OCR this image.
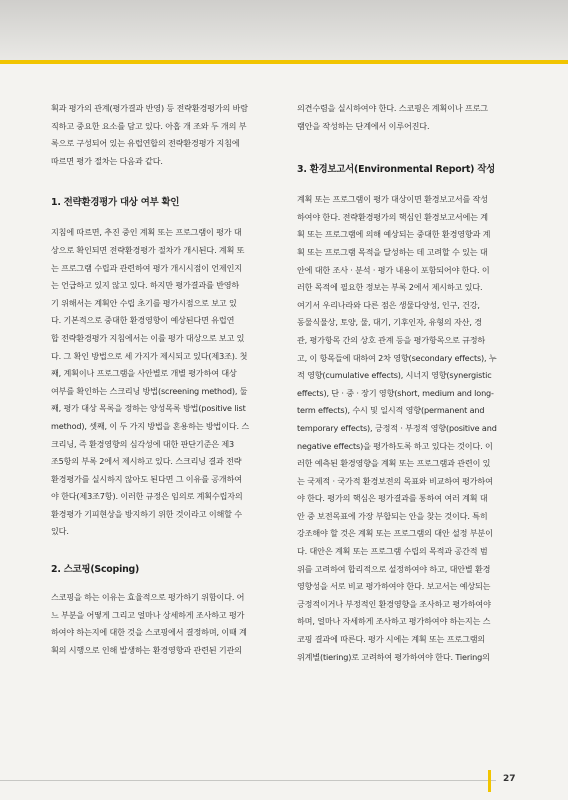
획과 평가의 관계(평가결과 반영) 등 전략환경평가의 바람

직하고 중요한 요소를 담고 있다. 아홉 개 조와 두 개의 부

록으로 구성되어 있는 유럽연합의 전략환경평가 지침에

따르면 평가 절차는 다음과 같다.

1. 전략환경평가 대상 여부 확인

지침에 따르면, 추진 중인 계획 또는 프로그램이 평가 대

상으로 확인되면 전략환경평가 절차가 개시된다. 계획 또

는 프로그램 수립과 관련하여 평가 개시시점이 언제인지

는 언급하고 있지 않고 있다. 하지만 평가결과를 반영하

기 위해서는 계획안 수립 초기를 평가시점으로 보고 있

다. 기본적으로 중대한 환경영향이 예상된다면 유럽연

합 전략환경평가 지침에서는 이를 평가 대상으로 보고 있

다. 그 확인 방법으로 세 가지가 제시되고 있다(제3조). 첫

째, 계획이나 프로그램을 사안별로 개별 평가하여 대상

여부를 확인하는 스크리닝 방법(screening method), 둘

째, 평가 대상 목록을 정하는 양성목록 방법(positive list

method), 셋째, 이 두 가지 방법을 혼용하는 방법이다. 스

크리닝, 즉 환경영향의 심각성에 대한 판단기준은 제3

조5항의 부록 2에서 제시하고 있다. 스크리닝 결과 전략

환경평가를 실시하지 않아도 된다면 그 이유를 공개하여

야 한다(제3조7항). 이러한 규정은 임의로 계획수립자의

환경평가 기피현상을 방지하기 위한 것이라고 이해할 수

있다.

2. 스코핑(Scoping)

스코핑을 하는 이유는 효율적으로 평가하기 위함이다. 어

느 부분을 어떻게 그리고 얼마나 상세하게 조사하고 평가

하여야 하는지에 대한 것을 스코핑에서 결정하며, 이때 계

획의 시행으로 인해 발생하는 환경영향과 관련된 기관의

의견수렴을 실시하여야 한다. 스코핑은 계획이나 프로그

램안을 작성하는 단계에서 이루어진다.

3. 환경보고서(Environmental Report) 작성

계획 또는 프로그램이 평가 대상이면 환경보고서를 작성

하여야 한다. 전략환경평가의 핵심인 환경보고서에는 계

획 또는 프로그램에 의해 예상되는 중대한 환경영향과 계

획 또는 프로그램 목적을 달성하는 데 고려할 수 있는 대

안에 대한 조사 · 분석 · 평가 내용이 포함되어야 한다. 이

러한 목적에 필요한 정보는 부록 2에서 제시하고 있다.

여기서 우리나라와 다른 점은 생물다양성, 인구, 건강,

동물식물상, 토양, 물, 대기, 기후인자, 유형의 자산, 경

관, 평가항목 간의 상호 관계 등을 평가항목으로 규정하

고, 이 항목들에 대하여 2차 영향(secondary effects), 누

적 영향(cumulative effects), 시너지 영향(synergistic

effects), 단 · 중 · 장기 영향(short, medium and long-

term effects), 수시 및 일시적 영향(permanent and

temporary effects), 긍정적 · 부정적 영향(positive and

negative effects)을 평가하도록 하고 있다는 것이다. 이

러한 예측된 환경영향을 계획 또는 프로그램과 관련이 있

는 국제적 · 국가적 환경보전의 목표와 비교하여 평가하여

야 한다. 평가의 핵심은 평가결과를 통하여 여러 계획 대

안 중 보전목표에 가장 부합되는 안을 찾는 것이다. 특히

강조해야 할 것은 계획 또는 프로그램의 대안 설정 부분이

다. 대안은 계획 또는 프로그램 수립의 목적과 공간적 범

위를 고려하여 합리적으로 설정하여야 하고, 대안별 환경

영향성을 서로 비교 평가하여야 한다. 보고서는 예상되는

긍정적이거나 부정적인 환경영향을 조사하고 평가하여야

하며, 얼마나 자세하게 조사하고 평가하여야 하는지는 스

코핑 결과에 따른다. 평가 시에는 계획 또는 프로그램의

위계별(tiering)로 고려하여 평가하여야 한다. Tiering의

27
